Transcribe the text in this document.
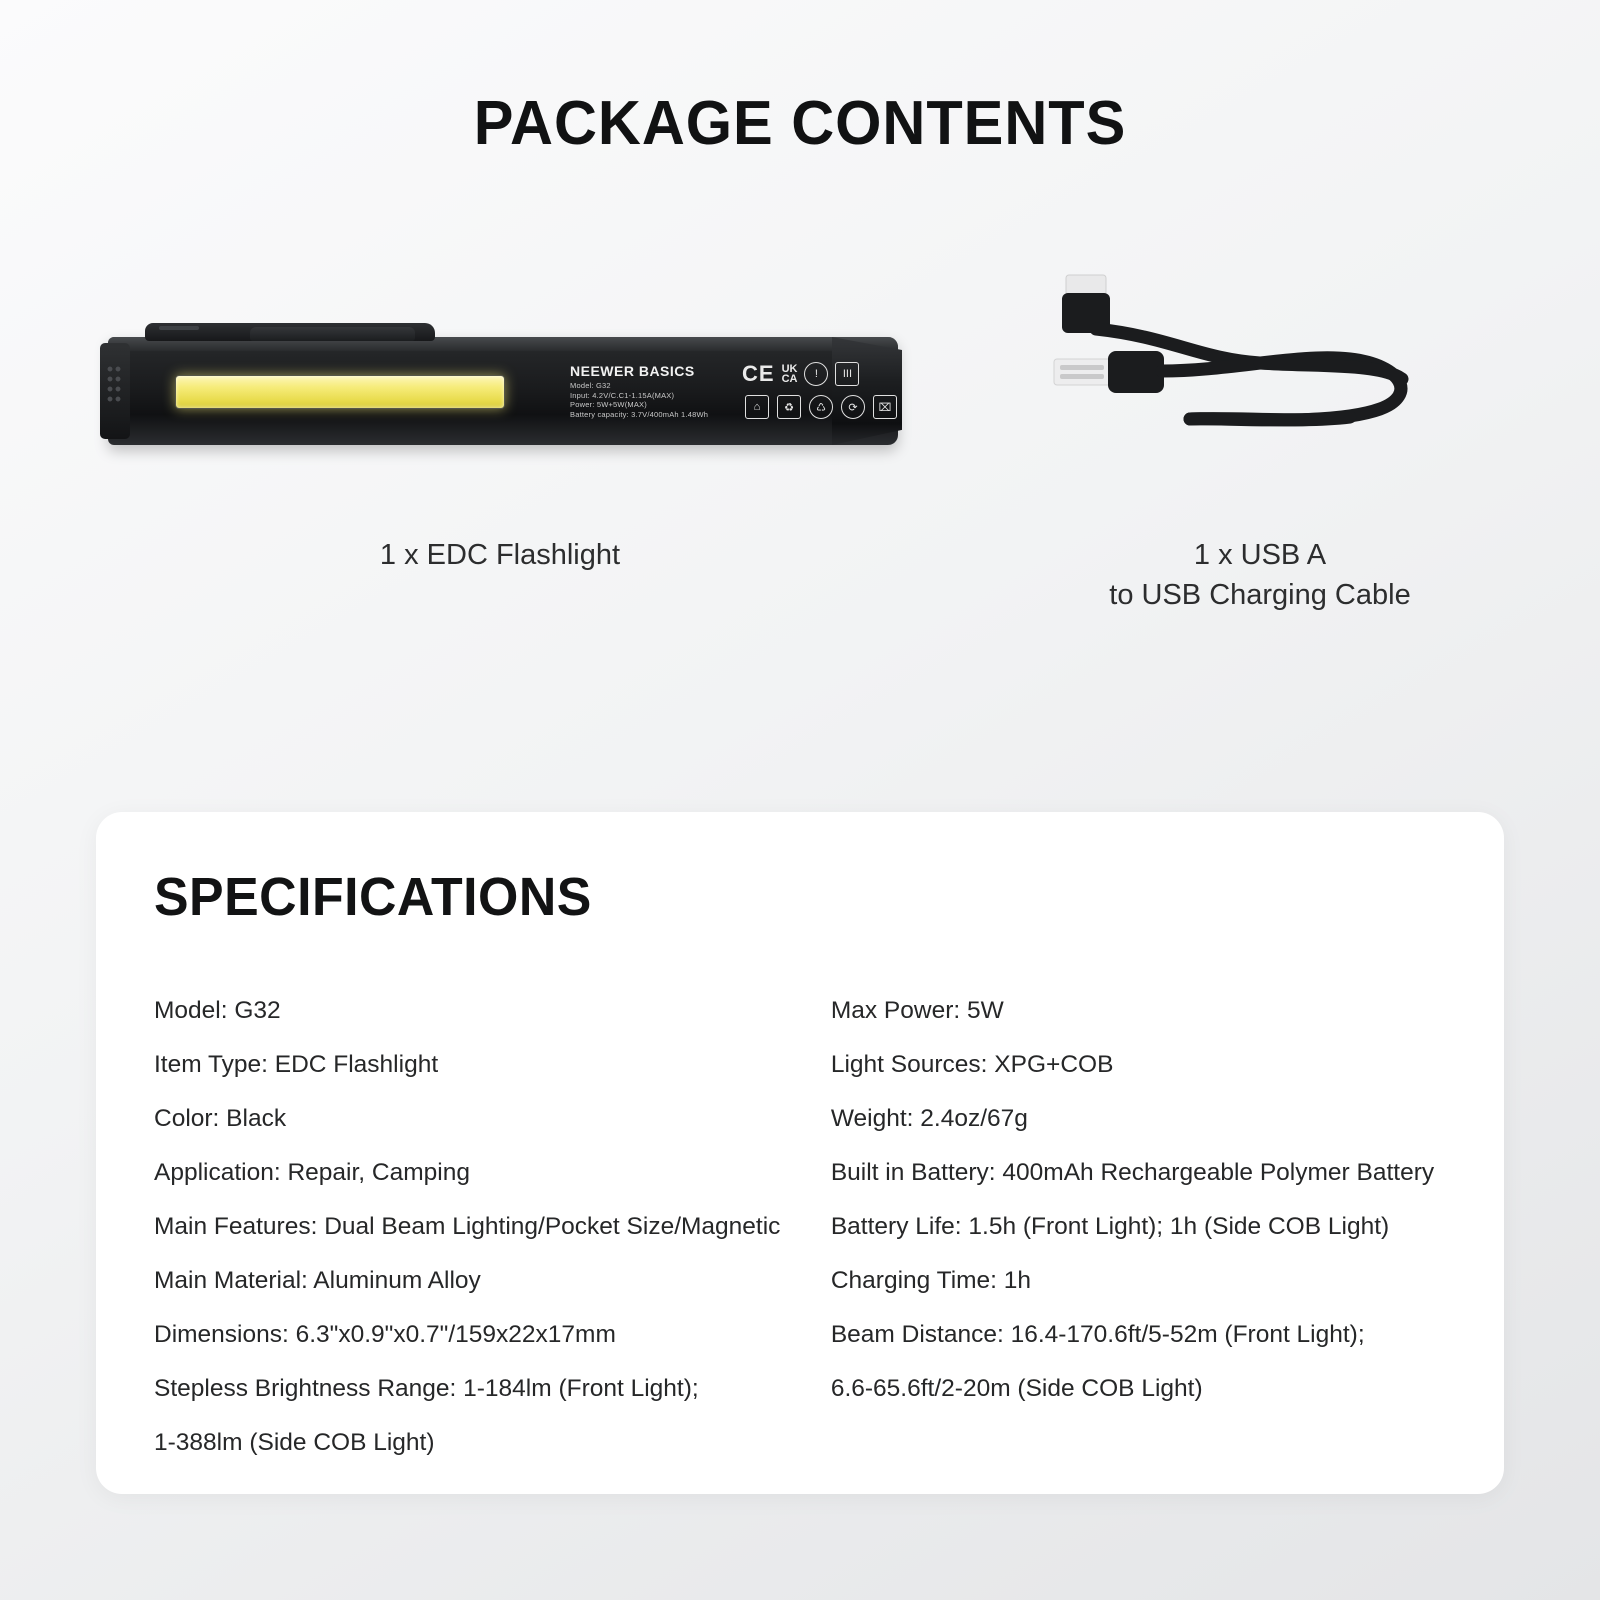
PACKAGE CONTENTS
NEEWER BASICS
Model: G32
Input: 4.2V/C.C1-1.15A(MAX)
Power: 5W+5W(MAX)
Battery capacity: 3.7V/400mAh 1.48Wh
CE UK
CA	!	III
⌂	♻	♺	⟳	⌧
1 x EDC Flashlight	1 x USB A
to USB Charging Cable
SPECIFICATIONS
Model: G32
Item Type: EDC Flashlight
Color: Black
Application: Repair, Camping
Main Features: Dual Beam Lighting/Pocket Size/Magnetic
Main Material: Aluminum Alloy
Dimensions: 6.3"x0.9"x0.7"/159x22x17mm
Stepless Brightness Range: 1-184lm (Front Light);
1-388lm (Side COB Light)
Max Power: 5W
Light Sources: XPG+COB
Weight: 2.4oz/67g
Built in Battery: 400mAh Rechargeable Polymer Battery
Battery Life: 1.5h (Front Light); 1h (Side COB Light)
Charging Time: 1h
Beam Distance: 16.4-170.6ft/5-52m (Front Light);
6.6-65.6ft/2-20m (Side COB Light)
